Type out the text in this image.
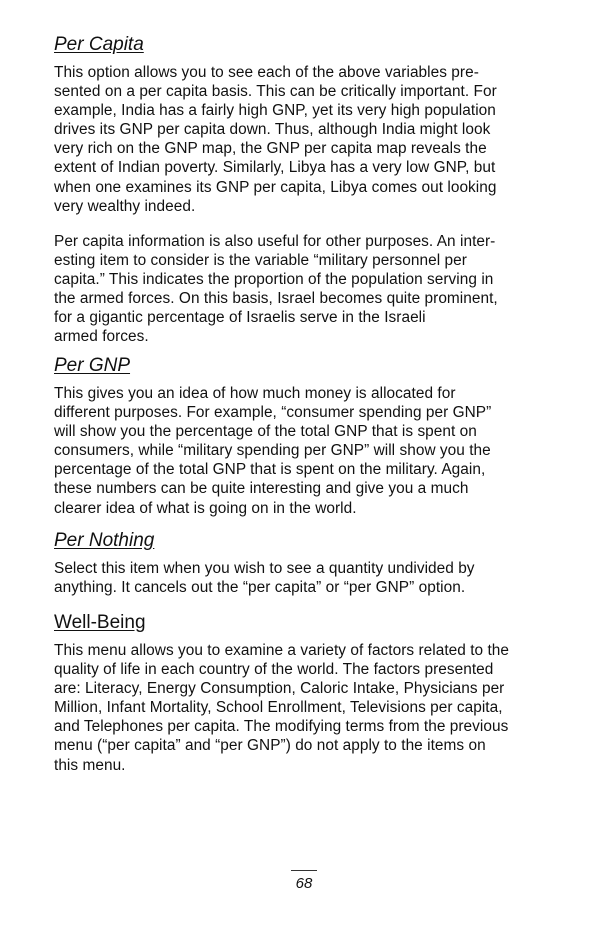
Per Capita

This option allows you to see each of the above variables pre-
sented on a per capita basis. This can be critically important. For
example, India has a fairly high GNP, yet its very high population
drives its GNP per capita down. Thus, although India might look
very rich on the GNP map, the GNP per capita map reveals the
extent of Indian poverty. Similarly, Libya has a very low GNP, but
when one examines its GNP per capita, Libya comes out looking
very wealthy indeed.

Per capita information is also useful for other purposes. An inter-
esting item to consider is the variable “military personnel per
capita.” This indicates the proportion of the population serving in
the armed forces. On this basis, Israel becomes quite prominent,
for a gigantic percentage of Israelis serve in the Israeli
armed forces.

Per GNP

This gives you an idea of how much money is allocated for
different purposes. For example, “consumer spending per GNP”
will show you the percentage of the total GNP that is spent on
consumers, while “military spending per GNP” will show you the
percentage of the total GNP that is spent on the military. Again,
these numbers can be quite interesting and give you a much
clearer idea of what is going on in the world.

Per Nothing

Select this item when you wish to see a quantity undivided by
anything. It cancels out the “per capita” or “per GNP” option.

Well-Being

This menu allows you to examine a variety of factors related to the
quality of life in each country of the world. The factors presented
are: Literacy, Energy Consumption, Caloric Intake, Physicians per
Million, Infant Mortality, School Enrollment, Televisions per capita,
and Telephones per capita. The modifying terms from the previous
menu (“per capita” and “per GNP”) do not apply to the items on
this menu.

68
